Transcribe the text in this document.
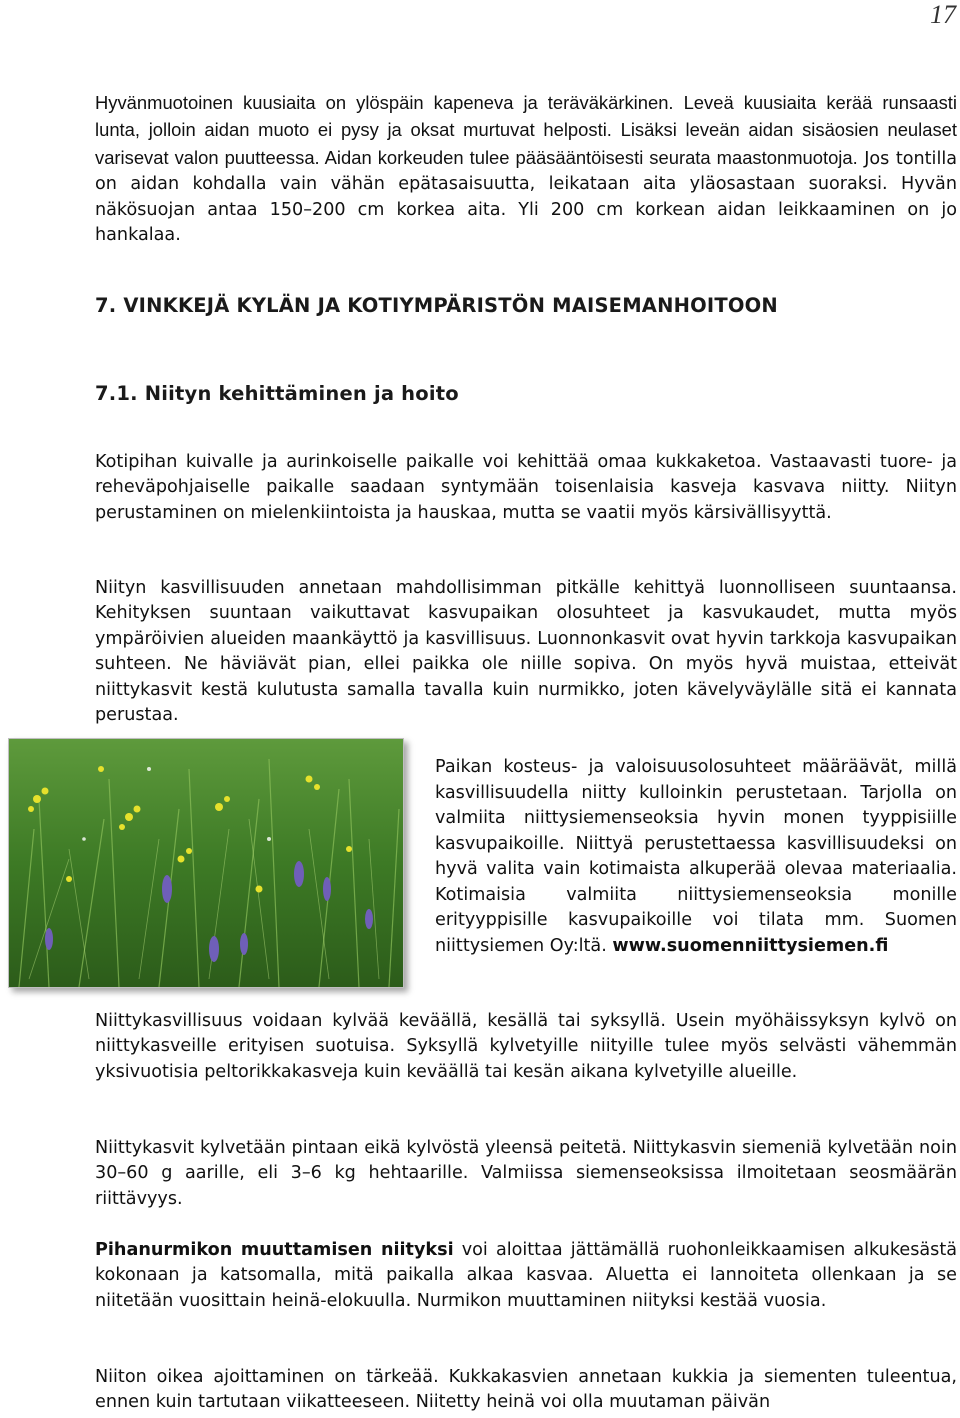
17

Hyvänmuotoinen kuusiaita on ylöspäin kapeneva ja teräväkärkinen. Leveä kuusiaita kerää runsaasti lunta, jolloin aidan muoto ei pysy ja oksat murtuvat helposti. Lisäksi leveän aidan sisäosien neulaset varisevat valon puutteessa. Aidan korkeuden tulee pääsääntöisesti seurata maastonmuotoja. Jos tontilla on aidan kohdalla vain vähän epätasaisuutta, leikataan aita yläosastaan suoraksi. Hyvän näkösuojan antaa 150–200 cm korkea aita. Yli 200 cm korkean aidan leikkaaminen on jo hankalaa.

7. VINKKEJÄ KYLÄN JA KOTIYMPÄRISTÖN MAISEMANHOITOON
7.1. Niityn kehittäminen ja hoito

Kotipihan kuivalle ja aurinkoiselle paikalle voi kehittää omaa kukkaketoa. Vastaavasti tuore- ja reheväpohjaiselle paikalle saadaan syntymään toisenlaisia kasveja kasvava niitty. Niityn perustaminen on mielenkiintoista ja hauskaa, mutta se vaatii myös kärsivällisyyttä.

Niityn kasvillisuuden annetaan mahdollisimman pitkälle kehittyä luonnolliseen suuntaansa. Kehityksen suuntaan vaikuttavat kasvupaikan olosuhteet ja kasvukaudet, mutta myös ympäröivien alueiden maankäyttö ja kasvillisuus. Luonnonkasvit ovat hyvin tarkkoja kasvupaikan suhteen. Ne häviävät pian, ellei paikka ole niille sopiva. On myös hyvä muistaa, etteivät niittykasvit kestä kulutusta samalla tavalla kuin nurmikko, joten kävelyväylälle sitä ei kannata perustaa.

Paikan kosteus- ja valoisuusolosuhteet määräävät, millä kasvillisuudella niitty kulloinkin perustetaan. Tarjolla on valmiita niittysiemenseoksia hyvin monen tyyppisiille kasvupaikoille. Niittyä perustettaessa kasvillisuudeksi on hyvä valita vain kotimaista alkuperää olevaa materiaalia. Kotimaisia valmiita niittysiemenseoksia monille erityyppisille kasvupaikoille voi tilata mm. Suomen niittysiemen Oy:ltä. www.suomenniittysiemen.fi

Niittykasvillisuus voidaan kylvää keväällä, kesällä tai syksyllä. Usein myöhäissyksyn kylvö on niittykasveille erityisen suotuisa. Syksyllä kylvetyille niityille tulee myös selvästi vähemmän yksivuotisia peltorikkakasveja kuin keväällä tai kesän aikana kylvetyille alueille.

Niittykasvit kylvetään pintaan eikä kylvöstä yleensä peitetä. Niittykasvin siemeniä kylvetään noin 30–60 g aarille, eli 3–6 kg hehtaarille. Valmiissa siemenseoksissa ilmoitetaan seosmäärän riittävyys.

Pihanurmikon muuttamisen niityksi voi aloittaa jättämällä ruohonleikkaamisen alkukesästä kokonaan ja katsomalla, mitä paikalla alkaa kasvaa. Aluetta ei lannoiteta ollenkaan ja se niitetään vuosittain heinä-elokuulla. Nurmikon muuttaminen niityksi kestää vuosia.

Niiton oikea ajoittaminen on tärkeää. Kukkakasvien annetaan kukkia ja siementen tuleentua, ennen kuin tartutaan viikatteeseen. Niitetty heinä voi olla muutaman päivän
